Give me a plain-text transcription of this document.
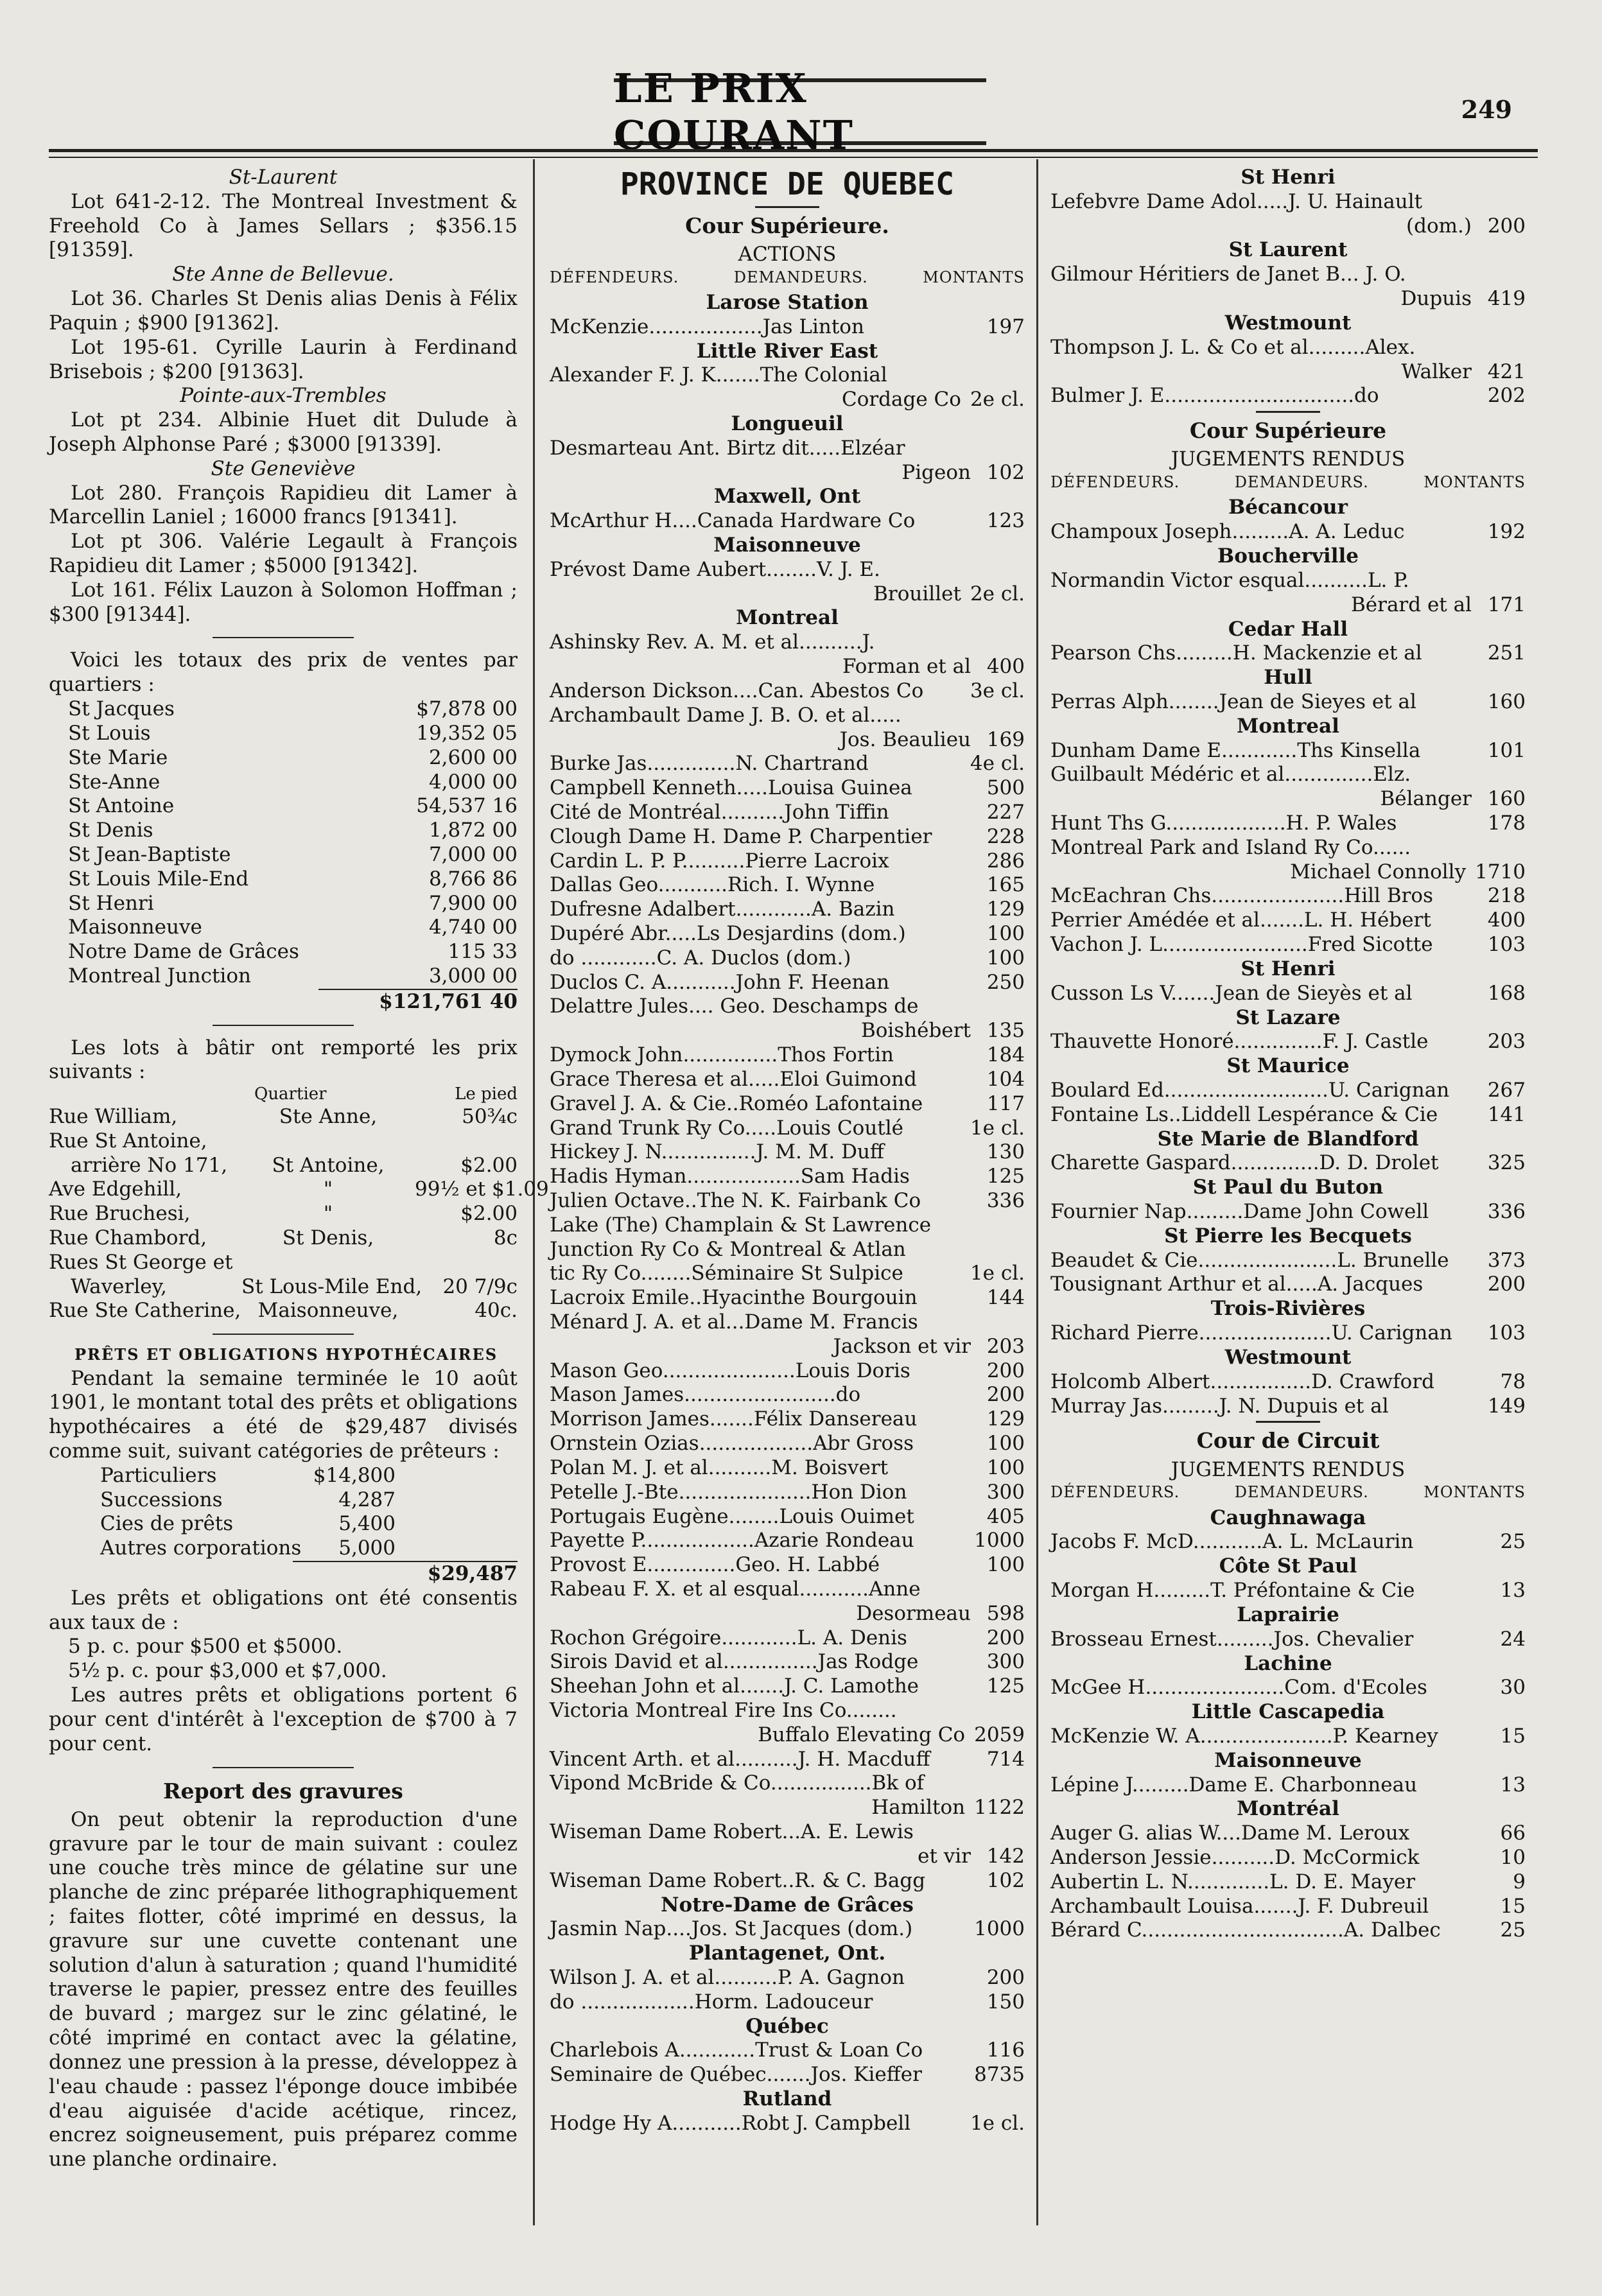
LE PRIX COURANT
249

St-Laurent

Lot 641-2-12. The Montreal Investment & Freehold Co à James Sellars ; $356.15 [91359].

Ste Anne de Bellevue.

Lot 36. Charles St Denis alias Denis à Félix Paquin ; $900 [91362].

Lot 195-61. Cyrille Laurin à Ferdinand Brisebois ; $200 [91363].

Pointe-aux-Trembles

Lot pt 234. Albinie Huet dit Dulude à Joseph Alphonse Paré ; $3000 [91339].

Ste Geneviève

Lot 280. François Rapidieu dit Lamer à Marcellin Laniel ; 16000 francs [91341].

Lot pt 306. Valérie Legault à François Rapidieu dit Lamer ; $5000 [91342].

Lot 161. Félix Lauzon à Solomon Hoffman ; $300 [91344].

Voici les totaux des prix de ventes par quartiers :

St Jacques	$7,878 00
St Louis	19,352 05
Ste Marie	2,600 00
Ste-Anne	4,000 00
St Antoine	54,537 16
St Denis	1,872 00
St Jean-Baptiste	7,000 00
St Louis Mile-End	8,766 86
St Henri	7,900 00
Maisonneuve	4,740 00
Notre Dame de Grâces	115 33
Montreal Junction	3,000 00
$121,761 40

Les lots à bâtir ont remporté les prix suivants :

Quartier	Le pied
Rue William,	Ste Anne,	50¾c
Rue St Antoine,
arrière No 171,	St Antoine,	$2.00
Ave Edgehill,	"	99½ et $1.09
Rue Bruchesi,	"	$2.00
Rue Chambord,	St Denis,	8c
Rues St George et
Waverley,	St Lous-Mile End,	20 7/9c
Rue Ste Catherine, Maisonneuve,	40c.

PRÊTS ET OBLIGATIONS HYPOTHÉCAIRES

Pendant la semaine terminée le 10 août 1901, le montant total des prêts et obligations hypothécaires a été de $29,487 divisés comme suit, suivant catégories de prêteurs :

Particuliers	$14,800
Successions	4,287
Cies de prêts	5,400
Autres corporations	5,000
$29,487

Les prêts et obligations ont été consentis aux taux de :

5 p. c. pour $500 et $5000.

5½ p. c. pour $3,000 et $7,000.

Les autres prêts et obligations portent 6 pour cent d'intérêt à l'exception de $700 à 7 pour cent.

Report des gravures

On peut obtenir la reproduction d'une gravure par le tour de main suivant : coulez une couche très mince de gélatine sur une planche de zinc préparée lithographiquement ; faites flotter, côté imprimé en dessus, la gravure sur une cuvette contenant une solution d'alun à saturation ; quand l'humidité traverse le papier, pressez entre des feuilles de buvard ; margez sur le zinc gélatiné, le côté imprimé en contact avec la gélatine, donnez une pression à la presse, développez à l'eau chaude : passez l'éponge douce imbibée d'eau aiguisée d'acide acétique, rincez, encrez soigneusement, puis préparez comme une planche ordinaire.

PROVINCE DE QUEBEC

Cour Supérieure.

ACTIONS

DÉFENDEURS.	DEMANDEURS.	MONTANTS

Larose Station

McKenzie..................Jas Linton	197

Little River East

Alexander F. J. K.......The Colonial
Cordage Co 2e cl.

Longueuil

Desmarteau Ant. Birtz dit.....Elzéar
Pigeon 102

Maxwell, Ont

McArthur H....Canada Hardware Co	123

Maisonneuve

Prévost Dame Aubert........V. J. E.
Brouillet 2e cl.

Montreal

Ashinsky Rev. A. M. et al..........J.
Forman et al 400
Anderson Dickson....Can. Abestos Co	3e cl.
Archambault Dame J. B. O. et al.....
Jos. Beaulieu 169
Burke Jas..............N. Chartrand	4e cl.
Campbell Kenneth.....Louisa Guinea	500
Cité de Montréal..........John Tiffin	227
Clough Dame H. Dame P. Charpentier	228
Cardin L. P. P..........Pierre Lacroix	286
Dallas Geo...........Rich. I. Wynne	165
Dufresne Adalbert............A. Bazin	129
Dupéré Abr.....Ls Desjardins (dom.)	100
do ............C. A. Duclos (dom.)	100
Duclos C. A...........John F. Heenan	250
Delattre Jules.... Geo. Deschamps de
Boishébert 135
Dymock John...............Thos Fortin	184
Grace Theresa et al.....Eloi Guimond	104
Gravel J. A. & Cie..Roméo Lafontaine	117
Grand Trunk Ry Co.....Louis Coutlé	1e cl.
Hickey J. N...............J. M. M. Duff	130
Hadis Hyman..................Sam Hadis	125
Julien Octave..The N. K. Fairbank Co	336
Lake (The) Champlain & St Lawrence
Junction Ry Co & Montreal & Atlan
tic Ry Co........Séminaire St Sulpice	1e cl.
Lacroix Emile..Hyacinthe Bourgouin	144
Ménard J. A. et al...Dame M. Francis
Jackson et vir 203
Mason Geo.....................Louis Doris	200
Mason James........................do	200
Morrison James.......Félix Dansereau	129
Ornstein Ozias..................Abr Gross	100
Polan M. J. et al..........M. Boisvert	100
Petelle J.-Bte.....................Hon Dion	300
Portugais Eugène........Louis Ouimet	405
Payette P..................Azarie Rondeau	1000
Provost E..............Geo. H. Labbé	100
Rabeau F. X. et al esqual...........Anne
Desormeau 598
Rochon Grégoire............L. A. Denis	200
Sirois David et al...............Jas Rodge	300
Sheehan John et al.......J. C. Lamothe	125
Victoria Montreal Fire Ins Co........
Buffalo Elevating Co 2059
Vincent Arth. et al..........J. H. Macduff	714
Vipond McBride & Co................Bk of
Hamilton 1122
Wiseman Dame Robert...A. E. Lewis
et vir 142
Wiseman Dame Robert..R. & C. Bagg	102

Notre-Dame de Grâces

Jasmin Nap....Jos. St Jacques (dom.)	1000

Plantagenet, Ont.

Wilson J. A. et al..........P. A. Gagnon	200
do ..................Horm. Ladouceur	150

Québec

Charlebois A............Trust & Loan Co	116
Seminaire de Québec.......Jos. Kieffer	8735

Rutland

Hodge Hy A...........Robt J. Campbell	1e cl.

St Henri

Lefebvre Dame Adol.....J. U. Hainault
(dom.) 200

St Laurent

Gilmour Héritiers de Janet B... J. O.
Dupuis 419

Westmount

Thompson J. L. & Co et al.........Alex.
Walker 421
Bulmer J. E..............................do	202

Cour Supérieure

JUGEMENTS RENDUS

DÉFENDEURS.	DEMANDEURS.	MONTANTS

Bécancour

Champoux Joseph.........A. A. Leduc	192

Boucherville

Normandin Victor esqual..........L. P.
Bérard et al 171

Cedar Hall

Pearson Chs.........H. Mackenzie et al	251

Hull

Perras Alph........Jean de Sieyes et al	160

Montreal

Dunham Dame E............Ths Kinsella	101
Guilbault Médéric et al..............Elz.
Bélanger 160
Hunt Ths G...................H. P. Wales	178
Montreal Park and Island Ry Co......
Michael Connolly 1710
McEachran Chs.....................Hill Bros	218
Perrier Amédée et al.......L. H. Hébert	400
Vachon J. L.......................Fred Sicotte	103

St Henri

Cusson Ls V.......Jean de Sieyès et al	168

St Lazare

Thauvette Honoré..............F. J. Castle	203

St Maurice

Boulard Ed..........................U. Carignan	267
Fontaine Ls..Liddell Lespérance & Cie	141

Ste Marie de Blandford

Charette Gaspard..............D. D. Drolet	325

St Paul du Buton

Fournier Nap.........Dame John Cowell	336

St Pierre les Becquets

Beaudet & Cie......................L. Brunelle	373
Tousignant Arthur et al.....A. Jacques	200

Trois-Rivières

Richard Pierre.....................U. Carignan	103

Westmount

Holcomb Albert................D. Crawford	78
Murray Jas.........J. N. Dupuis et al	149

Cour de Circuit

JUGEMENTS RENDUS

DÉFENDEURS.	DEMANDEURS.	MONTANTS

Caughnawaga

Jacobs F. McD...........A. L. McLaurin	25

Côte St Paul

Morgan H.........T. Préfontaine & Cie	13

Laprairie

Brosseau Ernest.........Jos. Chevalier	24

Lachine

McGee H......................Com. d'Ecoles	30

Little Cascapedia

McKenzie W. A.....................P. Kearney	15

Maisonneuve

Lépine J.........Dame E. Charbonneau	13

Montréal

Auger G. alias W....Dame M. Leroux	66
Anderson Jessie..........D. McCormick	10
Aubertin L. N.............L. D. E. Mayer	9
Archambault Louisa.......J. F. Dubreuil	15
Bérard C................................A. Dalbec	25
